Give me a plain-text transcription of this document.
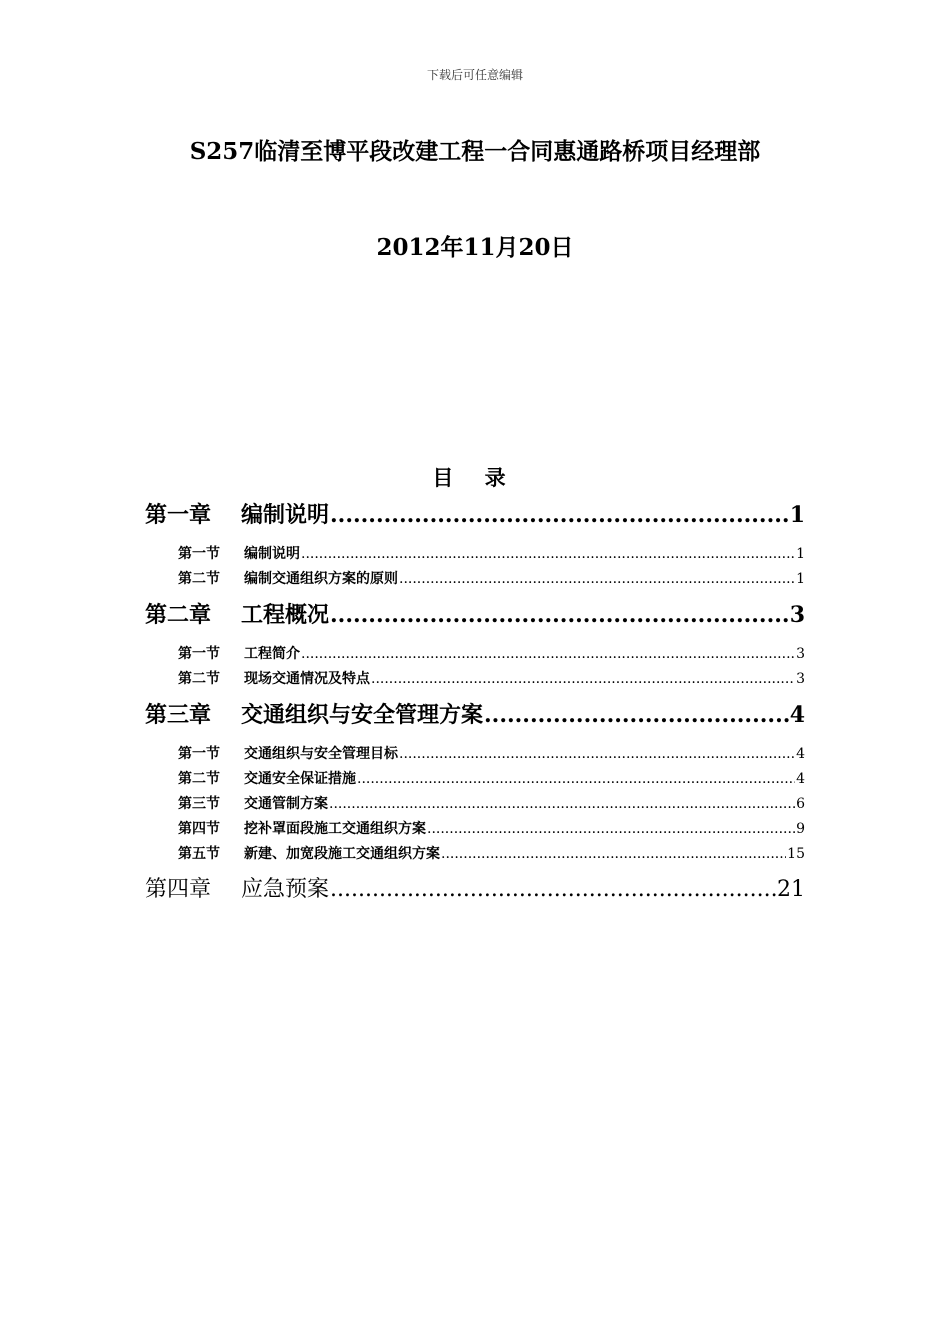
下载后可任意编辑
S257临清至博平段改建工程一合同惠通路桥项目经理部
2012年11月20日
目 录
第一章	编制说明 .....	1
第一节	编制说明 .....	1
第二节	编制交通组织方案的原则 .....	1
第二章	工程概况 .....	3
第一节	工程简介 .....	3
第二节	现场交通情况及特点 .....	3
第三章	交通组织与安全管理方案 .....	4
第一节	交通组织与安全管理目标 .....	4
第二节	交通安全保证措施 .....	4
第三节	交通管制方案 .....	6
第四节	挖补罩面段施工交通组织方案 .....	9
第五节	新建、加宽段施工交通组织方案 .....	15
第四章	应急预案 .....	21
